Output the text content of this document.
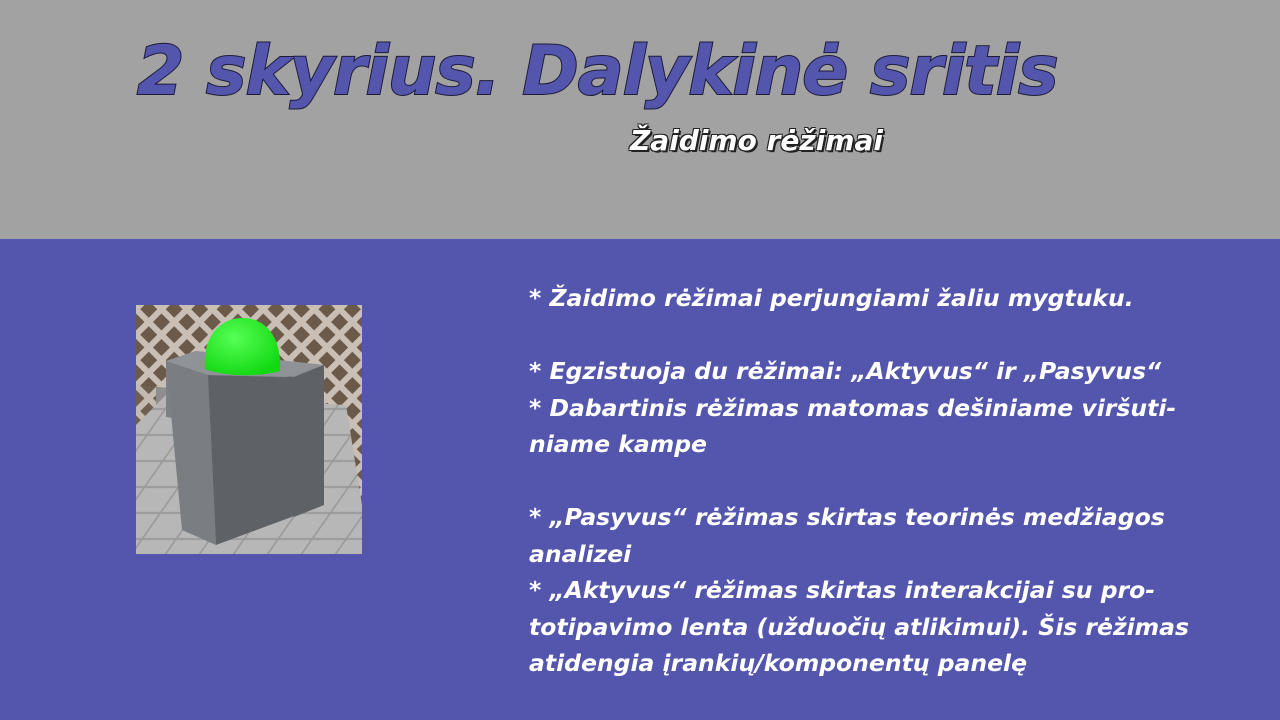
2 skyrius. Dalykinė sritis
Žaidimo rėžimai

* Žaidimo rėžimai perjungiami žaliu mygtuku.

* Egzistuoja du rėžimai: „Aktyvus“ ir „Pasyvus“

* Dabartinis rėžimas matomas dešiniame viršuti-

niame kampe

* „Pasyvus“ rėžimas skirtas teorinės medžiagos

analizei

* „Aktyvus“ rėžimas skirtas interakcijai su pro-

totipavimo lenta (užduočių atlikimui). Šis rėžimas

atidengia įrankių/komponentų panelę
